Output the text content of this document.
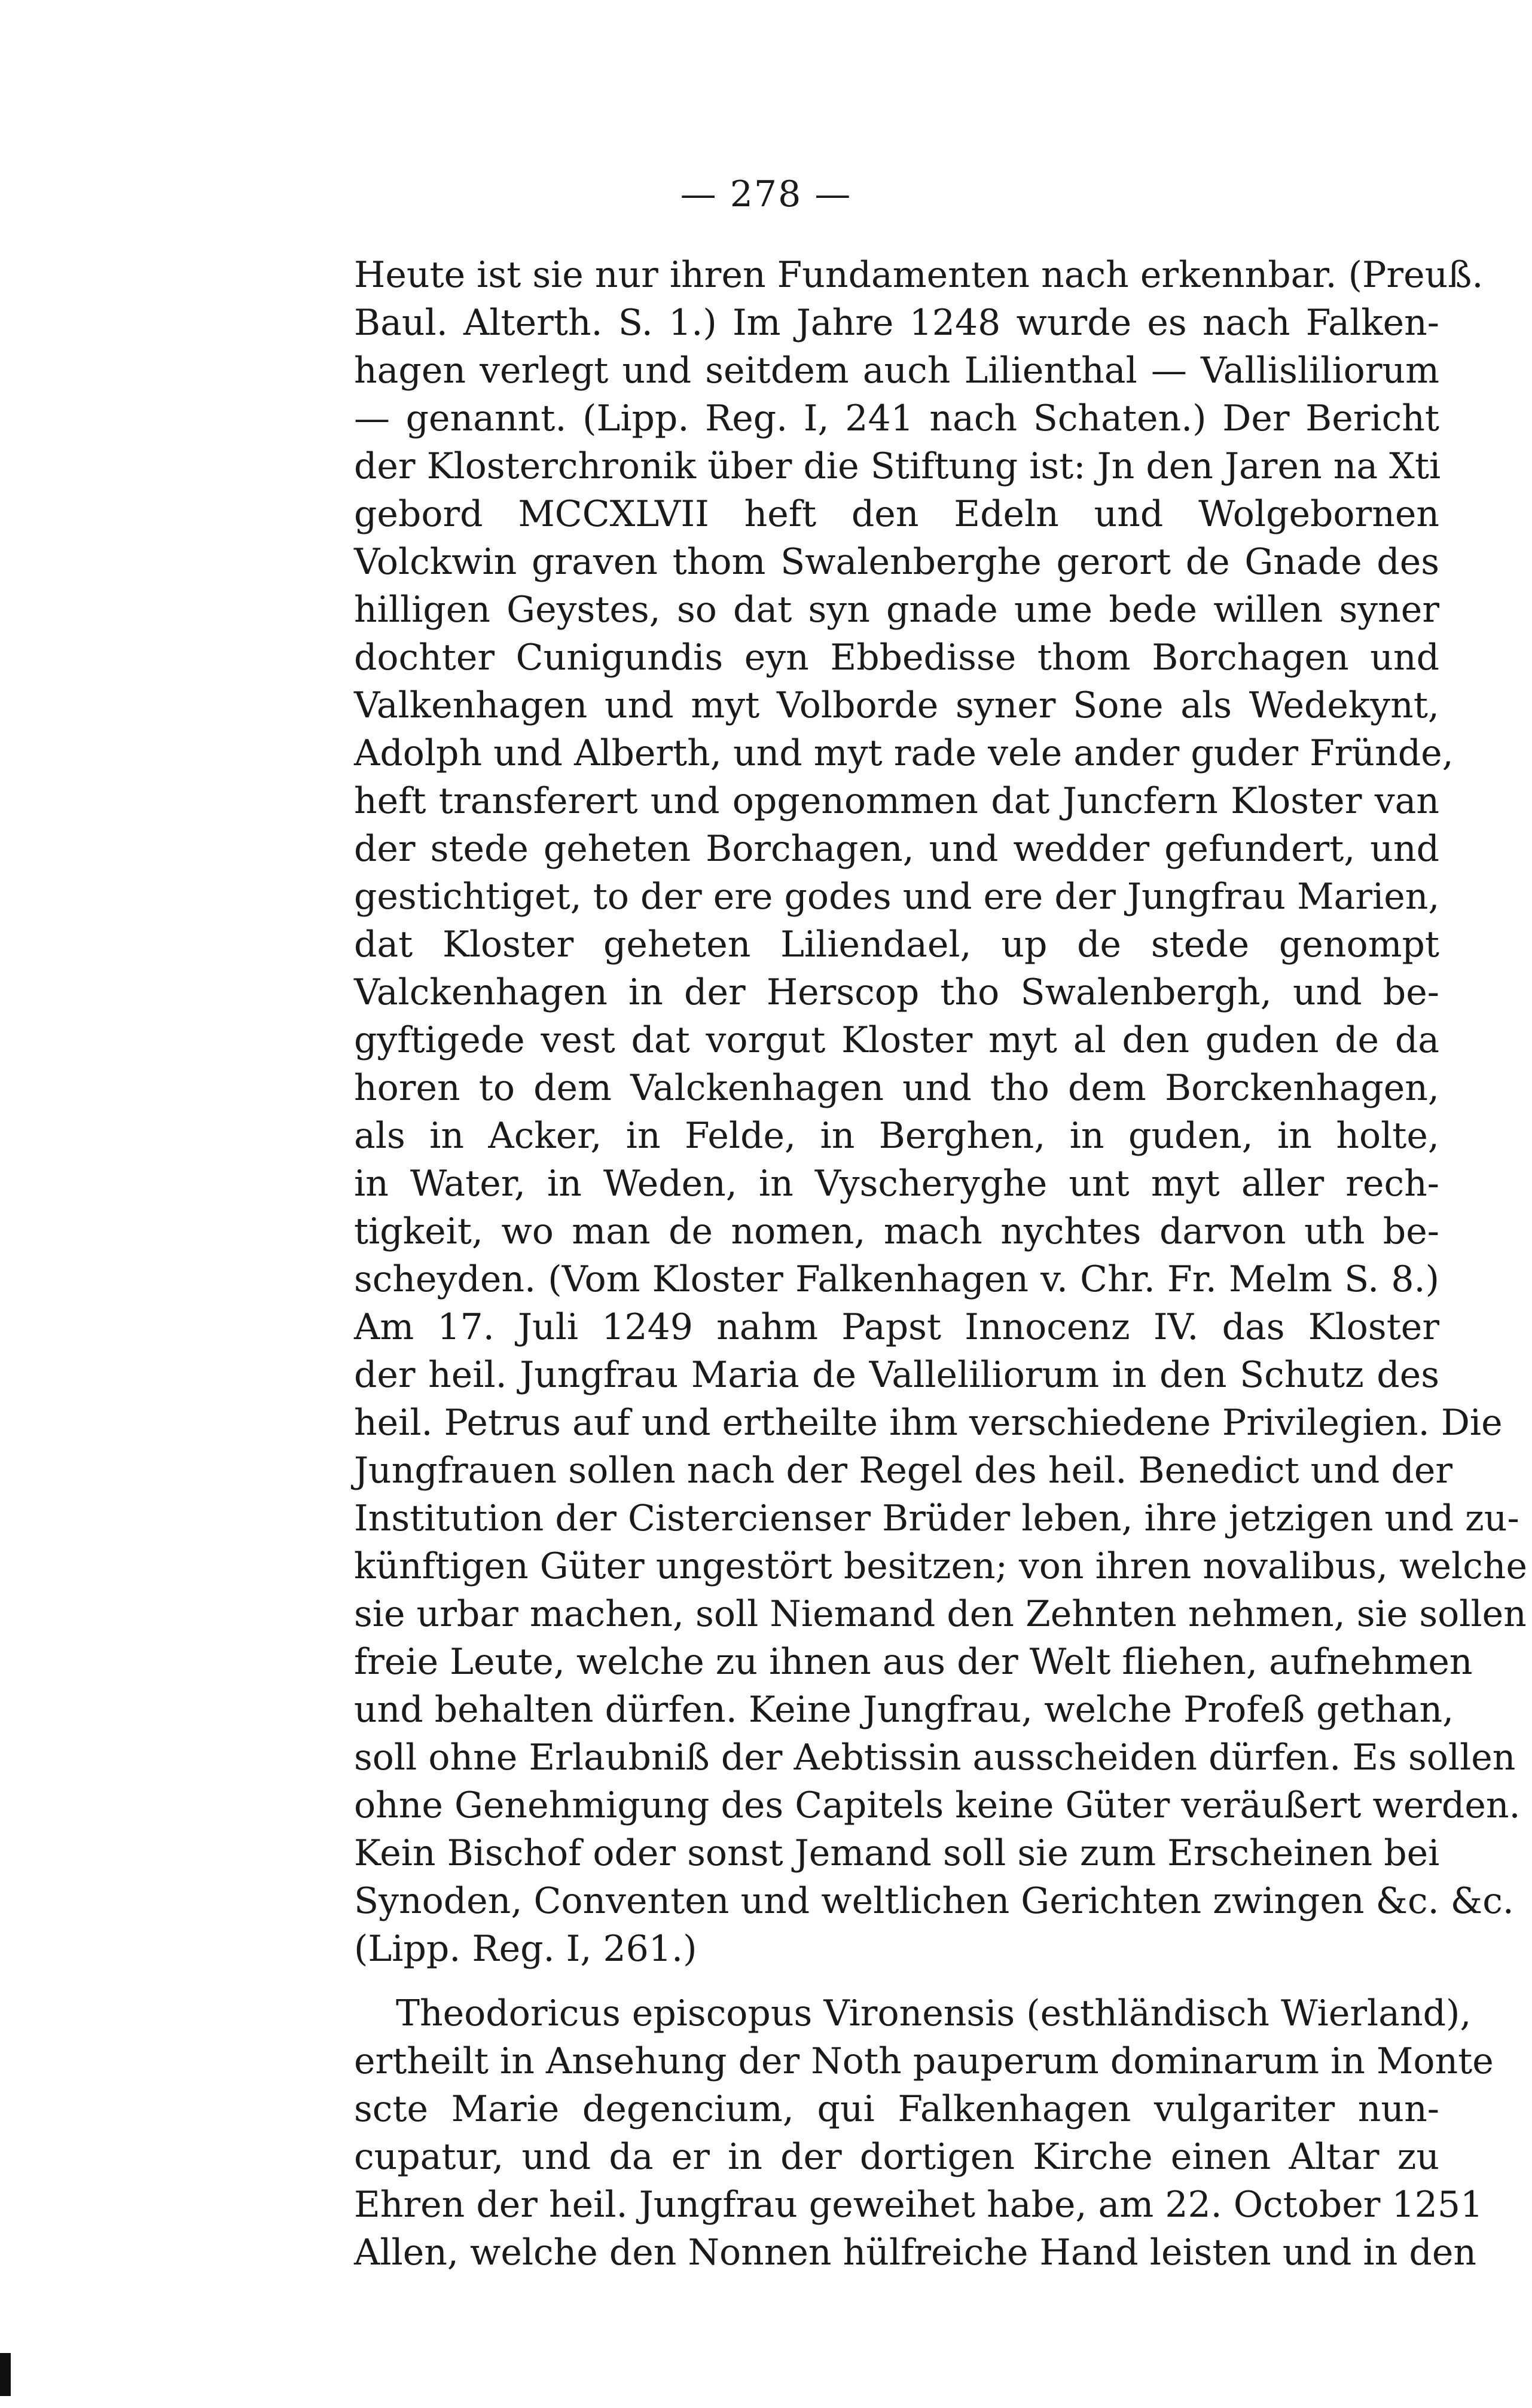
— 278 —
Heute ist sie nur ihren Fundamenten nach erkennbar. (Preuß.
Baul. Alterth. S. 1.) Im Jahre 1248 wurde es nach Falken-
hagen verlegt und seitdem auch Lilienthal — Vallisliliorum
— genannt. (Lipp. Reg. I, 241 nach Schaten.) Der Bericht
der Klosterchronik über die Stiftung ist: Jn den Jaren na Xti
gebord MCCXLVII heft den Edeln und Wolgebornen
Volckwin graven thom Swalenberghe gerort de Gnade des
hilligen Geystes, so dat syn gnade ume bede willen syner
dochter Cunigundis eyn Ebbedisse thom Borchagen und
Valkenhagen und myt Volborde syner Sone als Wedekynt,
Adolph und Alberth, und myt rade vele ander guder Fründe,
heft transferert und opgenommen dat Juncfern Kloster van
der stede geheten Borchagen, und wedder gefundert, und
gestichtiget, to der ere godes und ere der Jungfrau Marien,
dat Kloster geheten Liliendael, up de stede genompt
Valckenhagen in der Herscop tho Swalenbergh, und be-
gyftigede vest dat vorgut Kloster myt al den guden de da
horen to dem Valckenhagen und tho dem Borckenhagen,
als in Acker, in Felde, in Berghen, in guden, in holte,
in Water, in Weden, in Vyscheryghe unt myt aller rech-
tigkeit, wo man de nomen, mach nychtes darvon uth be-
scheyden. (Vom Kloster Falkenhagen v. Chr. Fr. Melm S. 8.)
Am 17. Juli 1249 nahm Papst Innocenz IV. das Kloster
der heil. Jungfrau Maria de Valleliliorum in den Schutz des
heil. Petrus auf und ertheilte ihm verschiedene Privilegien. Die
Jungfrauen sollen nach der Regel des heil. Benedict und der
Institution der Cistercienser Brüder leben, ihre jetzigen und zu-
künftigen Güter ungestört besitzen; von ihren novalibus, welche
sie urbar machen, soll Niemand den Zehnten nehmen, sie sollen
freie Leute, welche zu ihnen aus der Welt fliehen, aufnehmen
und behalten dürfen. Keine Jungfrau, welche Profeß gethan,
soll ohne Erlaubniß der Aebtissin ausscheiden dürfen. Es sollen
ohne Genehmigung des Capitels keine Güter veräußert werden.
Kein Bischof oder sonst Jemand soll sie zum Erscheinen bei
Synoden, Conventen und weltlichen Gerichten zwingen &c. &c.
(Lipp. Reg. I, 261.)
Theodoricus episcopus Vironensis (esthländisch Wierland),
ertheilt in Ansehung der Noth pauperum dominarum in Monte
scte Marie degencium, qui Falkenhagen vulgariter nun-
cupatur, und da er in der dortigen Kirche einen Altar zu
Ehren der heil. Jungfrau geweihet habe, am 22. October 1251
Allen, welche den Nonnen hülfreiche Hand leisten und in den
